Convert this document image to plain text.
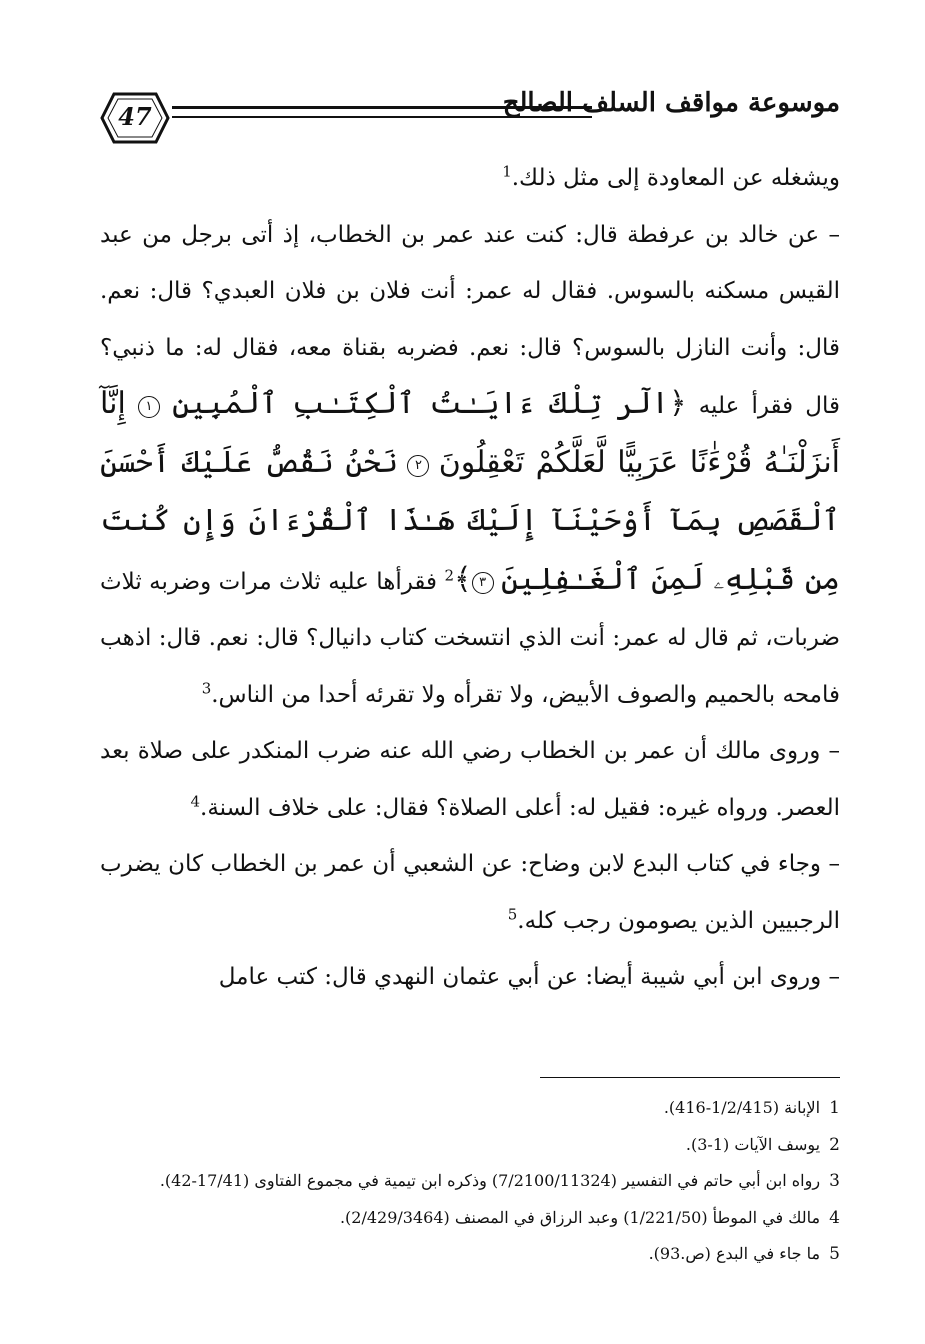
47	موسوعة مواقف السلف الصالح

ويشغله عن المعاودة إلى مثل ذلك.$^1$

– عن خالد بن عرفطة قال: كنت عند عمر بن الخطاب، إذ أتى برجل من عبد القيس مسكنه بالسوس. فقال له عمر: أنت فلان بن فلان العبدي؟ قال: نعم. قال: وأنت النازل بالسوس؟ قال: نعم. فضربه بقناة معه، فقال له: ما ذنبي؟ قال فقرأ عليه ﴿الٓر تِلْكَ ءَايَـٰتُ ٱلْكِتَـٰبِ ٱلْمُبِينِ ١ إِنَّآ أَنزَلْنَـٰهُ قُرْءَٰنًا عَرَبِيًّا لَّعَلَّكُمْ تَعْقِلُونَ ٢ نَحْنُ نَقُصُّ عَلَيْكَ أَحْسَنَ ٱلْقَصَصِ بِمَآ أَوْحَيْنَآ إِلَيْكَ هَـٰذَا ٱلْقُرْءَانَ وَإِن كُنتَ مِن قَبْلِهِۦ لَمِنَ ٱلْغَـٰفِلِينَ ٣﴾$^2$ فقرأها عليه ثلاث مرات وضربه ثلاث ضربات، ثم قال له عمر: أنت الذي انتسخت كتاب دانيال؟ قال: نعم. قال: اذهب فامحه بالحميم والصوف الأبيض، ولا تقرأه ولا تقرئه أحدا من الناس.$^3$

– وروى مالك أن عمر بن الخطاب رضي الله عنه ضرب المنكدر على صلاة بعد العصر. ورواه غيره: فقيل له: أعلى الصلاة؟ فقال: على خلاف السنة.$^4$

– وجاء في كتاب البدع لابن وضاح: عن الشعبي أن عمر بن الخطاب كان يضرب الرجبيين الذين يصومون رجب كله.$^5$

– وروى ابن أبي شيبة أيضا: عن أبي عثمان النهدي قال: كتب عامل

1 الإبانة (1/2/415-416).
2 يوسف الآيات (1-3).
3 رواه ابن أبي حاتم في التفسير (7/2100/11324) وذكره ابن تيمية في مجموع الفتاوى (17/41-42).
4 مالك في الموطأ (1/221/50) وعبد الرزاق في المصنف (2/429/3464).
5 ما جاء في البدع (ص.93).
